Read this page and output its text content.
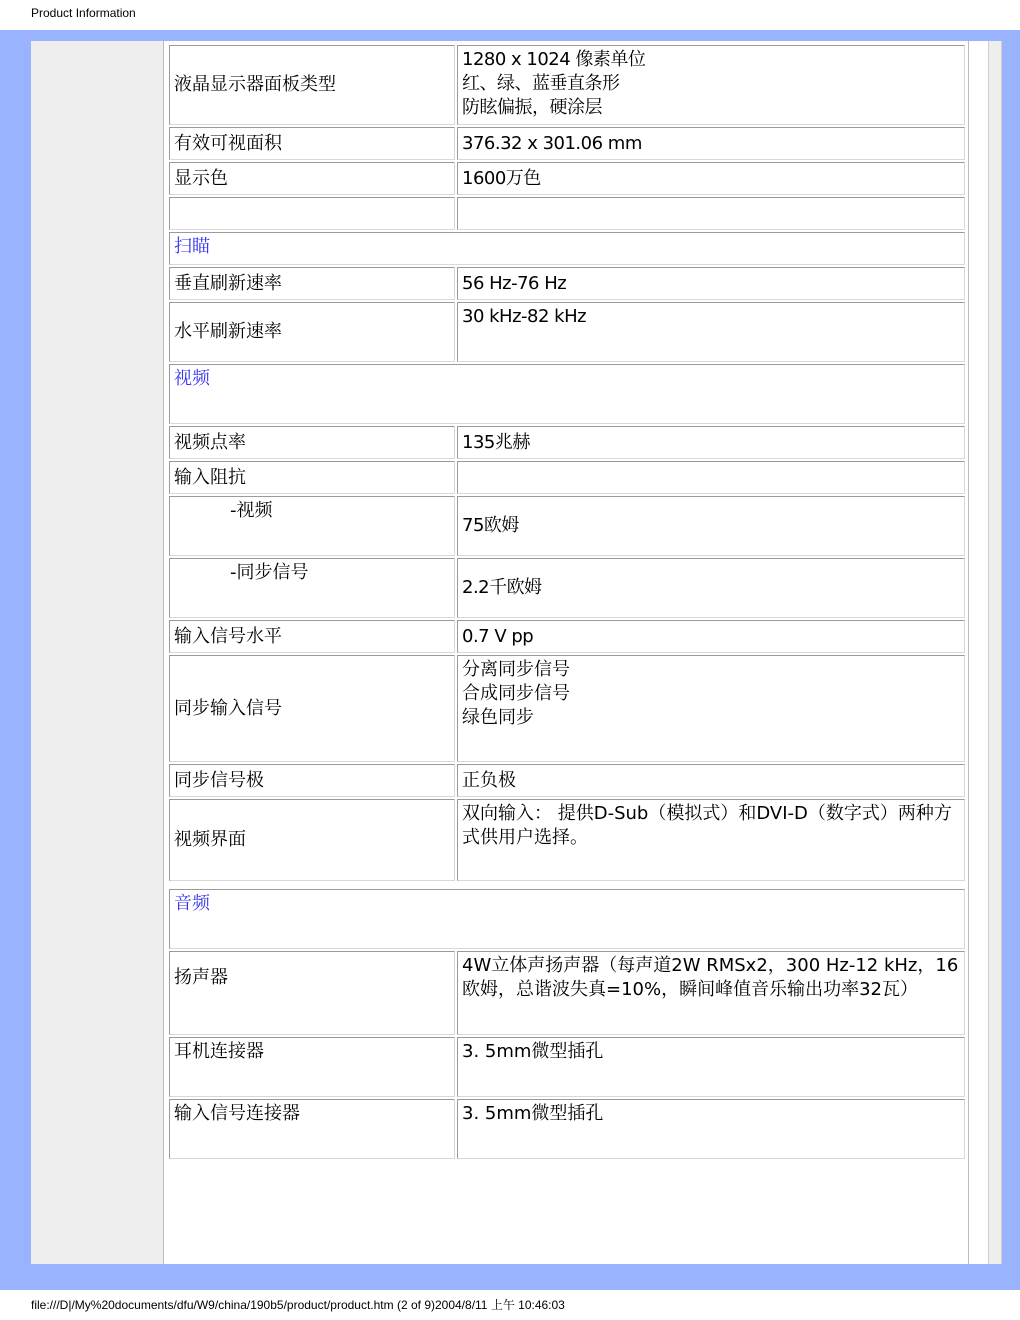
Product Information
液晶显示器面板类型	1280 x 1024 像素单位
红、绿、蓝垂直条形
防眩偏振，硬涂层

有效可视面积	376.32 x 301.06 mm
显示色	1600万色

扫瞄	
垂直刷新速率	56 Hz-76 Hz
水平刷新速率	30 kHz-82 kHz
视频	
视频点率	135兆赫
输入阻抗	
-视频	75欧姆
-同步信号	2.2千欧姆
输入信号水平	0.7 V pp
同步输入信号	分离同步信号
合成同步信号
绿色同步

同步信号极	正负极
视频界面	双向输入： 提供D-Sub（模拟式）和DVI-D（数字式）两种方式供用户选择。

音频	
扬声器	4W立体声扬声器（每声道2W RMSx2，300 Hz-12 kHz，16欧姆，总谐波失真=10%，瞬间峰值音乐输出功率32瓦）
耳机连接器	3. 5mm微型插孔
输入信号连接器	3. 5mm微型插孔
file:///D|/My%20documents/dfu/W9/china/190b5/product/product.htm (2 of 9)2004/8/11 上午 10:46:03
